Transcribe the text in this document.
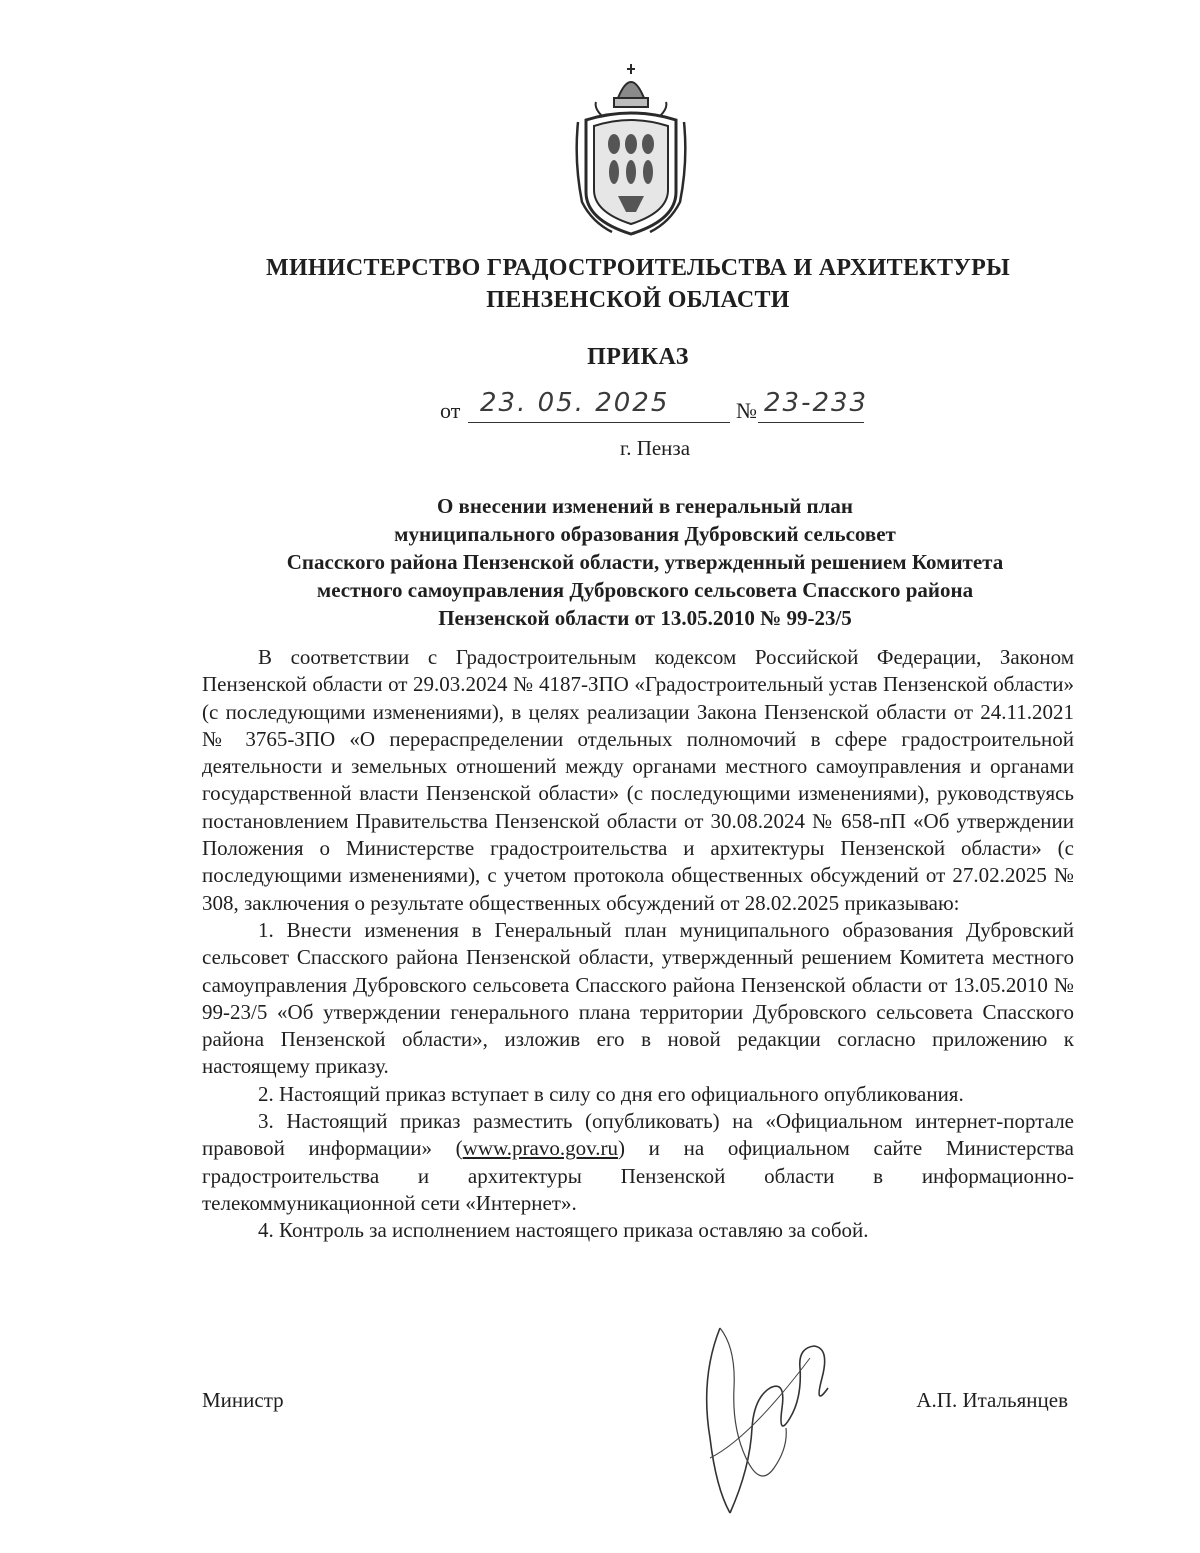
МИНИСТЕРСТВО ГРАДОСТРОИТЕЛЬСТВА И АРХИТЕКТУРЫ
ПЕНЗЕНСКОЙ ОБЛАСТИ
ПРИКАЗ
от 23. 05. 2025	№ 23-233
г. Пенза
О внесении изменений в генеральный план
муниципального образования Дубровский сельсовет
Спасского района Пензенской области, утвержденный решением Комитета
местного самоуправления Дубровского сельсовета Спасского района
Пензенской области от 13.05.2010 № 99-23/5

В соответствии с Градостроительным кодексом Российской Федерации, Законом Пензенской области от 29.03.2024 № 4187-ЗПО «Градостроительный устав Пензенской области» (с последующими изменениями), в целях реализации Закона Пензенской области от 24.11.2021 № 3765-ЗПО «О перераспределении отдельных полномочий в сфере градостроительной деятельности и земельных отношений между органами местного самоуправления и органами государственной власти Пензенской области» (с последующими изменениями), руководствуясь постановлением Правительства Пензенской области от 30.08.2024 № 658-пП «Об утверждении Положения о Министерстве градостроительства и архитектуры Пензенской области» (с последующими изменениями), с учетом протокола общественных обсуждений от 27.02.2025 № 308, заключения о результате общественных обсуждений от 28.02.2025 приказываю:

1. Внести изменения в Генеральный план муниципального образования Дубровский сельсовет Спасского района Пензенской области, утвержденный решением Комитета местного самоуправления Дубровского сельсовета Спасского района Пензенской области от 13.05.2010 № 99-23/5 «Об утверждении генерального плана территории Дубровского сельсовета Спасского района Пензенской области», изложив его в новой редакции согласно приложению к настоящему приказу.

2. Настоящий приказ вступает в силу со дня его официального опубликования.

3. Настоящий приказ разместить (опубликовать) на «Официальном интернет-портале правовой информации» (www.pravo.gov.ru) и на официальном сайте Министерства градостроительства и архитектуры Пензенской области в информационно-телекоммуникационной сети «Интернет».

4. Контроль за исполнением настоящего приказа оставляю за собой.

Министр	А.П. Итальянцев
